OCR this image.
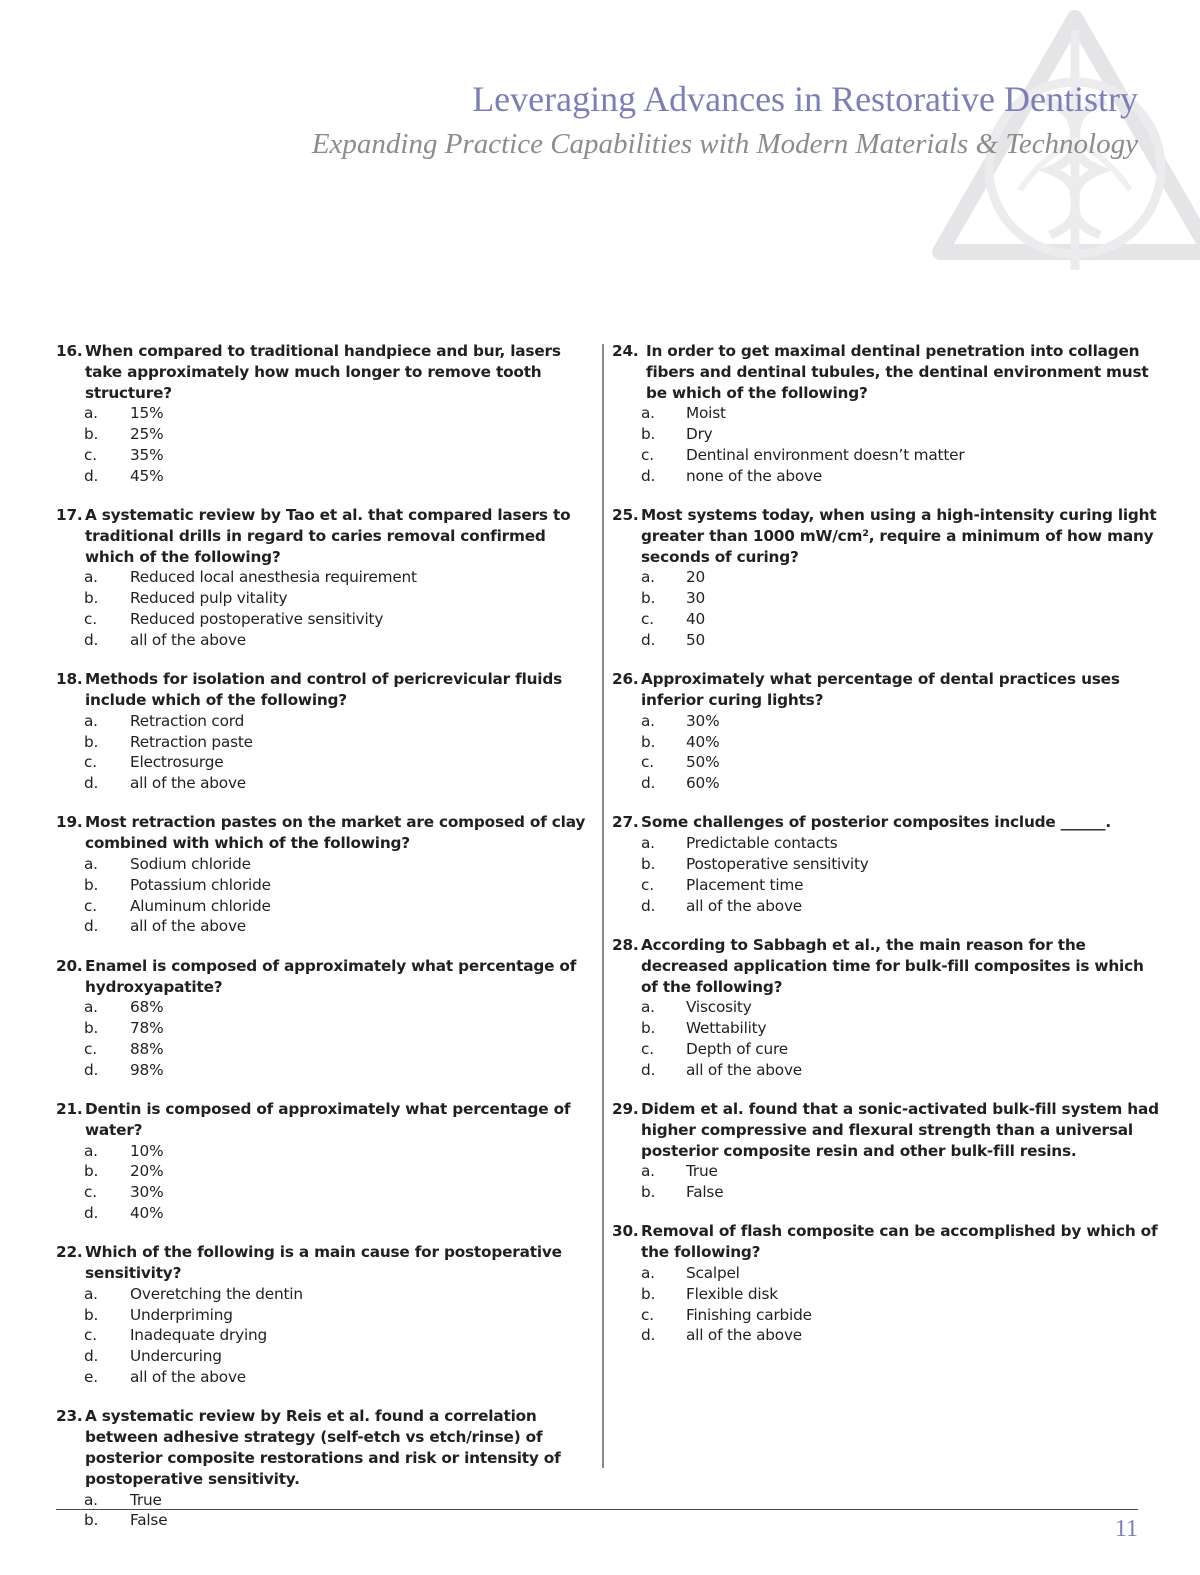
Leveraging Advances in Restorative Dentistry
Expanding Practice Capabilities with Modern Materials & Technology
16. When compared to traditional handpiece and bur, lasers take approximately how much longer to remove tooth structure?
a. 15%
b. 25%
c. 35%
d. 45%
17. A systematic review by Tao et al. that compared lasers to traditional drills in regard to caries removal confirmed which of the following?
a. Reduced local anesthesia requirement
b. Reduced pulp vitality
c. Reduced postoperative sensitivity
d. all of the above
18. Methods for isolation and control of pericrevicular fluids include which of the following?
a. Retraction cord
b. Retraction paste
c. Electrosurge
d. all of the above
19. Most retraction pastes on the market are composed of clay combined with which of the following?
a. Sodium chloride
b. Potassium chloride
c. Aluminum chloride
d. all of the above
20. Enamel is composed of approximately what percentage of hydroxyapatite?
a. 68%
b. 78%
c. 88%
d. 98%
21. Dentin is composed of approximately what percentage of water?
a. 10%
b. 20%
c. 30%
d. 40%
22. Which of the following is a main cause for postoperative sensitivity?
a. Overetching the dentin
b. Underpriming
c. Inadequate drying
d. Undercuring
e. all of the above
23. A systematic review by Reis et al. found a correlation between adhesive strategy (self-etch vs etch/rinse) of posterior composite restorations and risk or intensity of postoperative sensitivity.
a. True
b. False
24. In order to get maximal dentinal penetration into collagen fibers and dentinal tubules, the dentinal environment must be which of the following?
a. Moist
b. Dry
c. Dentinal environment doesn’t matter
d. none of the above
25. Most systems today, when using a high-intensity curing light greater than 1000 mW/cm², require a minimum of how many seconds of curing?
a. 20
b. 30
c. 40
d. 50
26. Approximately what percentage of dental practices uses inferior curing lights?
a. 30%
b. 40%
c. 50%
d. 60%
27. Some challenges of posterior composites include ______.
a. Predictable contacts
b. Postoperative sensitivity
c. Placement time
d. all of the above
28. According to Sabbagh et al., the main reason for the decreased application time for bulk-fill composites is which of the following?
a. Viscosity
b. Wettability
c. Depth of cure
d. all of the above
29. Didem et al. found that a sonic-activated bulk-fill system had higher compressive and flexural strength than a universal posterior composite resin and other bulk-fill resins.
a. True
b. False
30. Removal of flash composite can be accomplished by which of the following?
a. Scalpel
b. Flexible disk
c. Finishing carbide
d. all of the above
11
